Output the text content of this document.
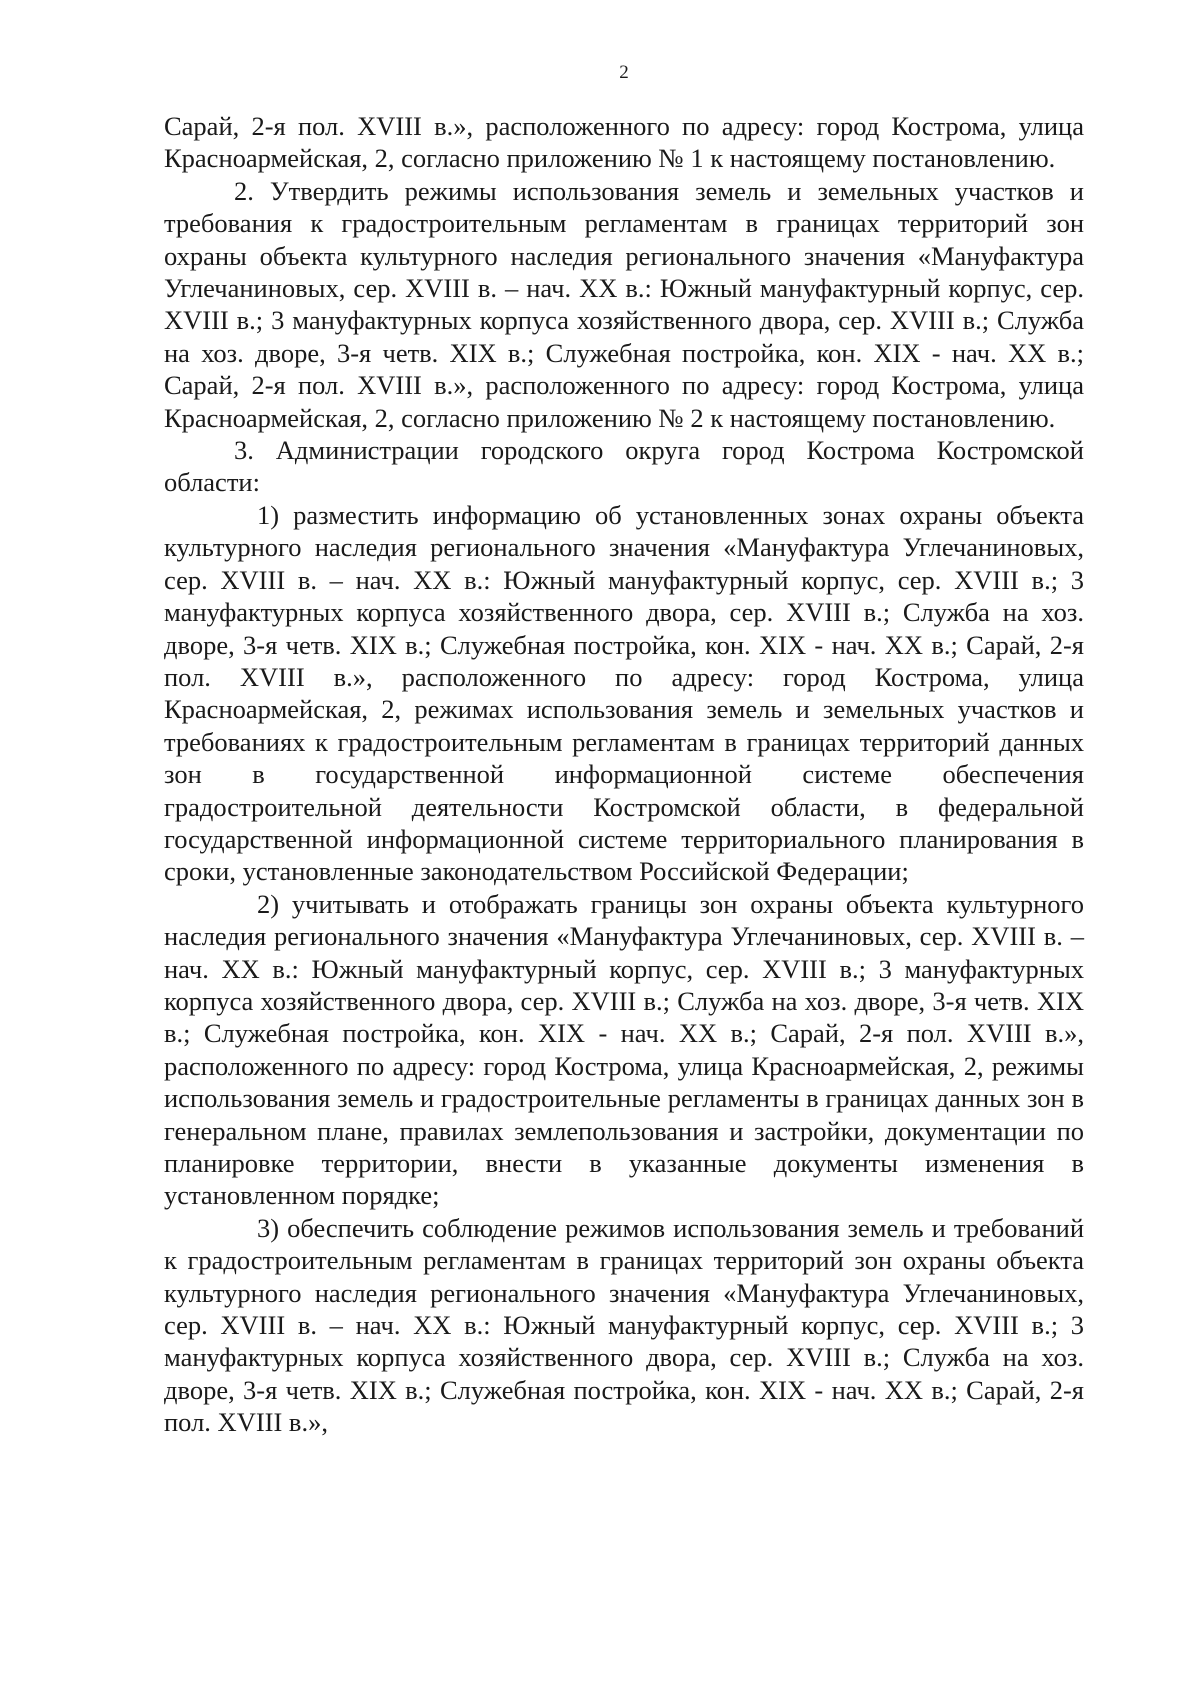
2

Сарай, 2-я пол. XVIII в.», расположенного по адресу: город Кострома, улица Красноармейская, 2, согласно приложению № 1 к настоящему постановлению.

2. Утвердить режимы использования земель и земельных участков и требования к градостроительным регламентам в границах территорий зон охраны объекта культурного наследия регионального значения «Мануфактура Углечаниновых, сер. XVIII в. – нач. XX в.: Южный мануфактурный корпус, сер. XVIII в.; 3 мануфактурных корпуса хозяйственного двора, сер. XVIII в.; Служба на хоз. дворе, 3-я четв. XIX в.; Служебная постройка, кон. XIX - нач. XX в.; Сарай, 2-я пол. XVIII в.», расположенного по адресу: город Кострома, улица Красноармейская, 2, согласно приложению № 2 к настоящему постановлению.

3. Администрации городского округа город Кострома Костромской области:

1) разместить информацию об установленных зонах охраны объекта культурного наследия регионального значения «Мануфактура Углечаниновых, сер. XVIII в. – нач. XX в.: Южный мануфактурный корпус, сер. XVIII в.; 3 мануфактурных корпуса хозяйственного двора, сер. XVIII в.; Служба на хоз. дворе, 3-я четв. XIX в.; Служебная постройка, кон. XIX - нач. XX в.; Сарай, 2-я пол. XVIII в.», расположенного по адресу: город Кострома, улица Красноармейская, 2, режимах использования земель и земельных участков и требованиях к градостроительным регламентам в границах территорий данных зон в государственной информационной системе обеспечения градостроительной деятельности Костромской области, в федеральной государственной информационной системе территориального планирования в сроки, установленные законодательством Российской Федерации;

2) учитывать и отображать границы зон охраны объекта культурного наследия регионального значения «Мануфактура Углечаниновых, сер. XVIII в. – нач. XX в.: Южный мануфактурный корпус, сер. XVIII в.; 3 мануфактурных корпуса хозяйственного двора, сер. XVIII в.; Служба на хоз. дворе, 3-я четв. XIX в.; Служебная постройка, кон. XIX - нач. XX в.; Сарай, 2-я пол. XVIII в.», расположенного по адресу: город Кострома, улица Красноармейская, 2, режимы использования земель и градостроительные регламенты в границах данных зон в генеральном плане, правилах землепользования и застройки, документации по планировке территории, внести в указанные документы изменения в установленном порядке;

3) обеспечить соблюдение режимов использования земель и требований к градостроительным регламентам в границах территорий зон охраны объекта культурного наследия регионального значения «Мануфактура Углечаниновых, сер. XVIII в. – нач. XX в.: Южный мануфактурный корпус, сер. XVIII в.; 3 мануфактурных корпуса хозяйственного двора, сер. XVIII в.; Служба на хоз. дворе, 3-я четв. XIX в.; Служебная постройка, кон. XIX - нач. XX в.; Сарай, 2-я пол. XVIII в.»,
